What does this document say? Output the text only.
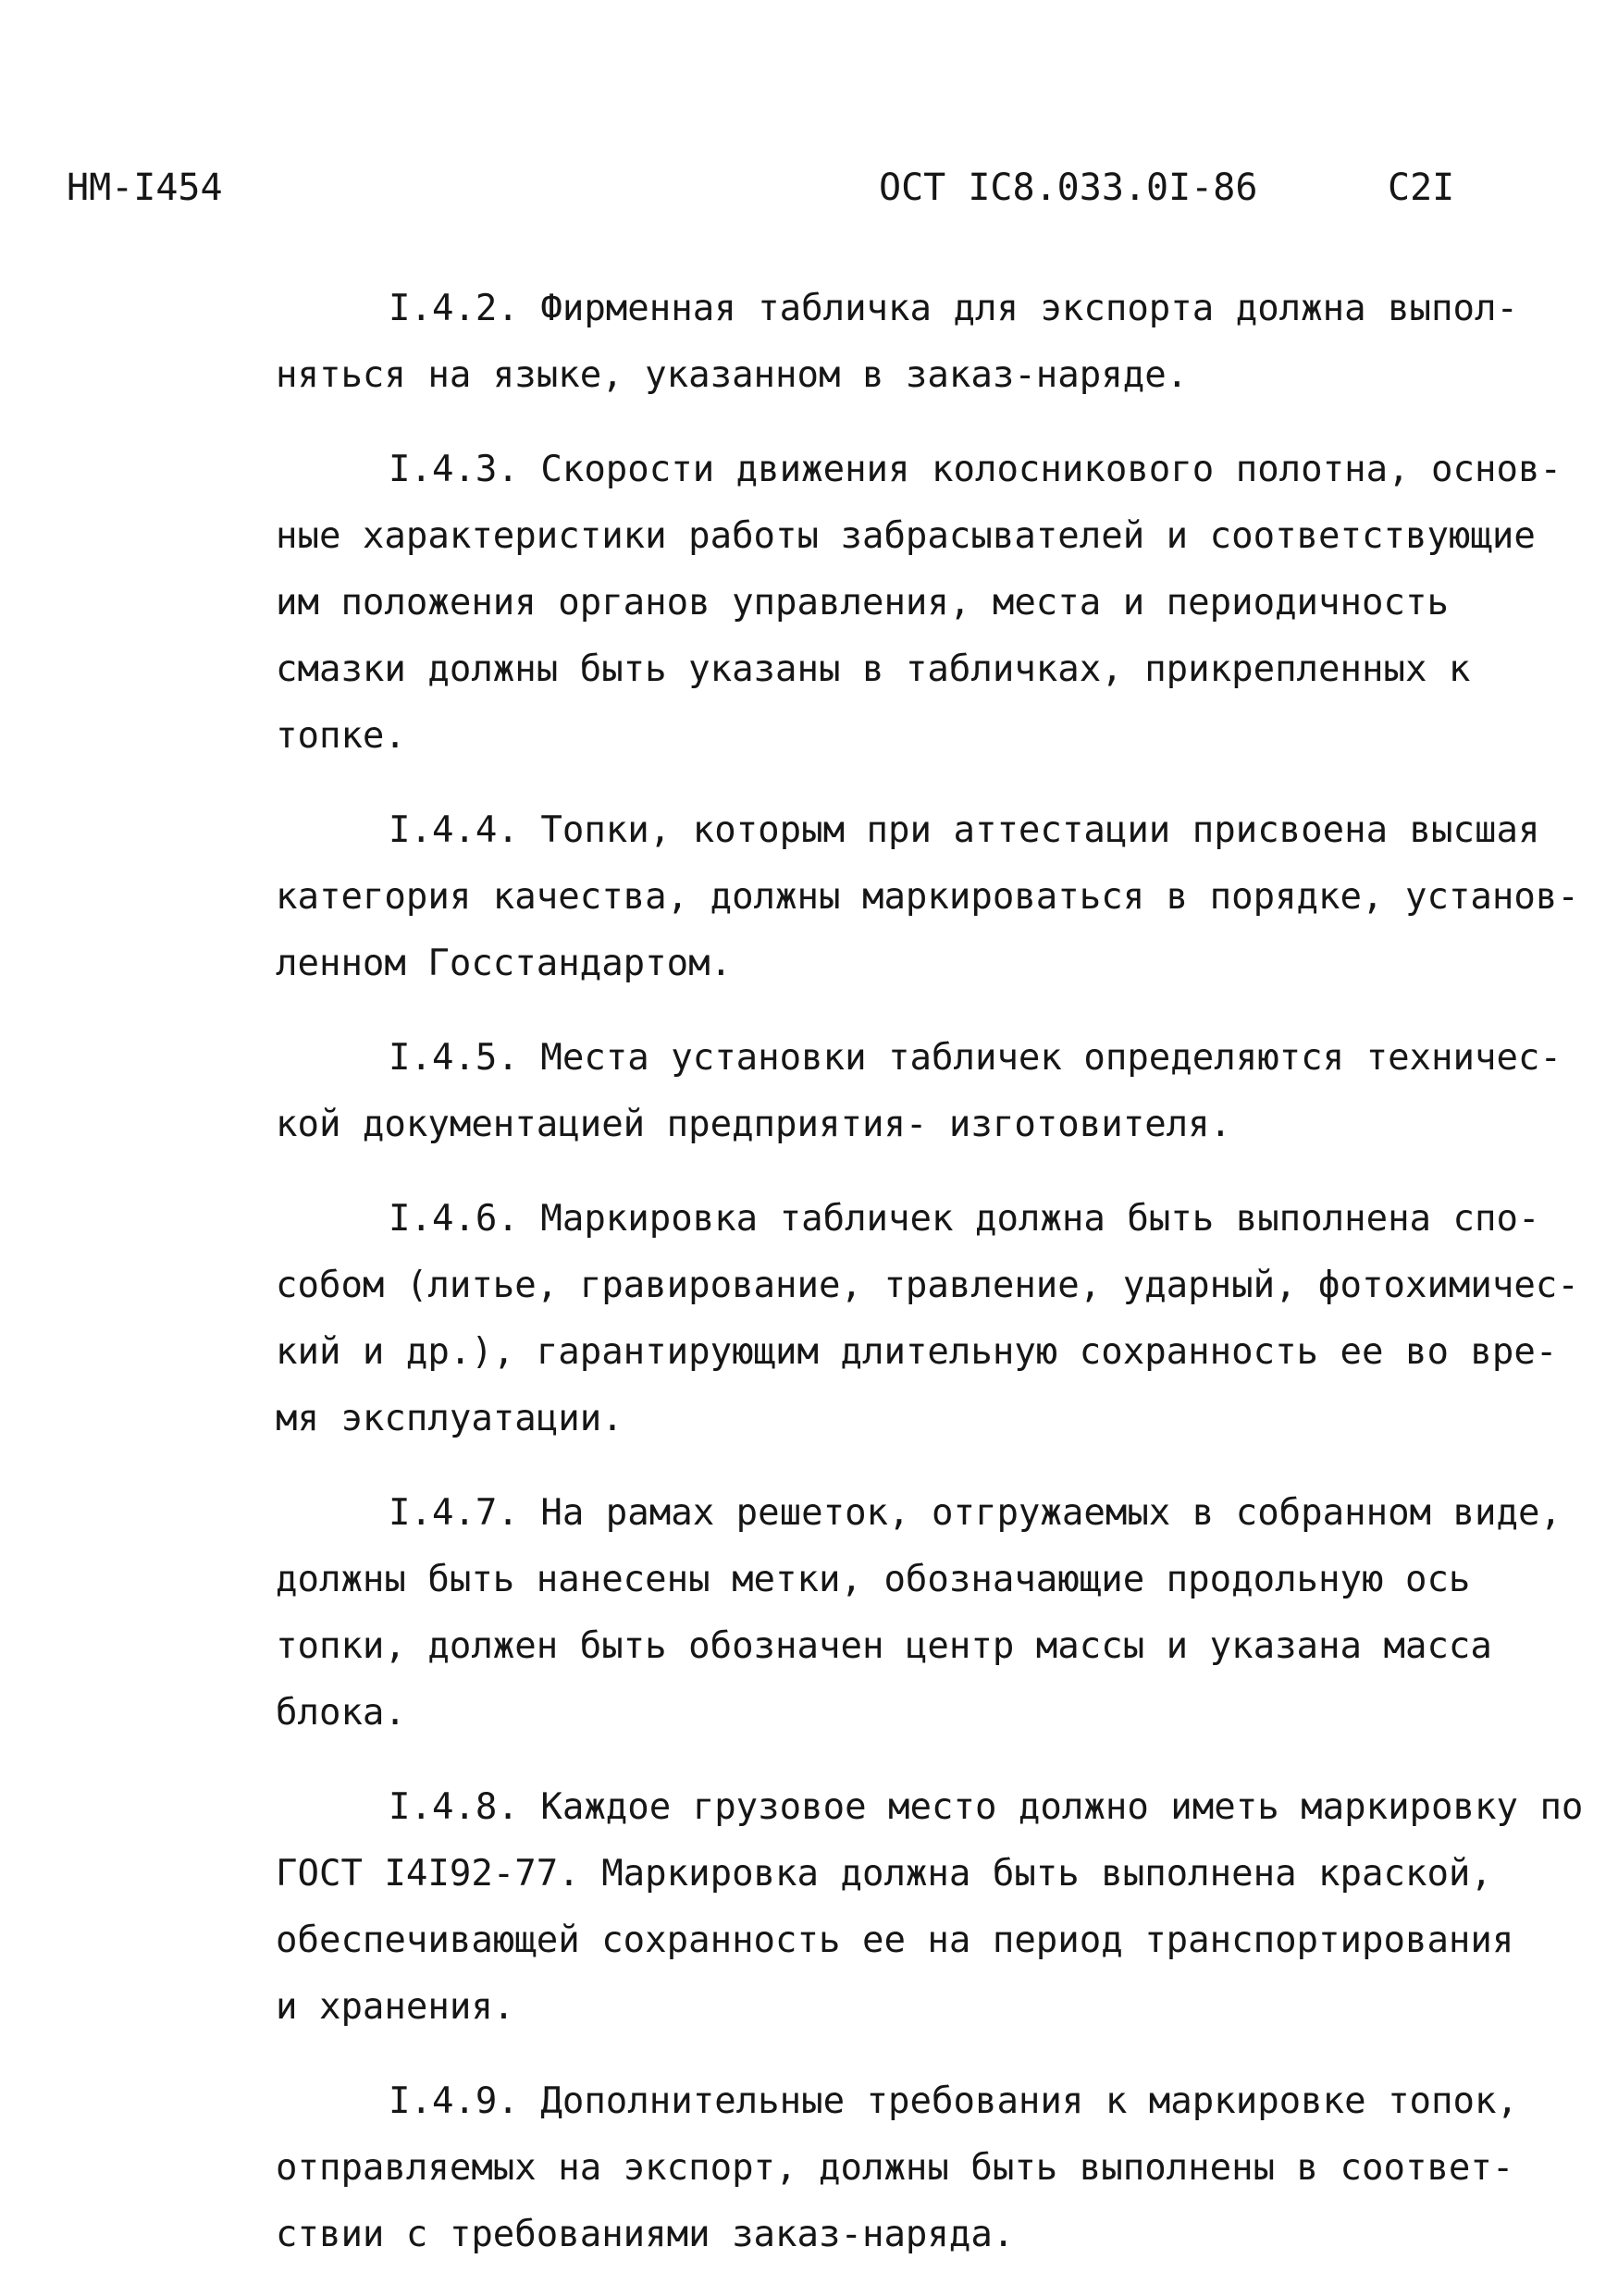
НМ-I454	ОСТ IС8.033.0I-86	С2I

I.4.2. Фирменная табличка для экспорта должна выпол-
няться на языке, указанном в заказ-наряде.

I.4.3. Скорости движения колосникового полотна, основ-
ные характеристики работы забрасывателей и соответствующие
им положения органов управления, места и периодичность
смазки должны быть указаны в табличках, прикрепленных к
топке.

I.4.4. Топки, которым при аттестации присвоена высшая
категория качества, должны маркироваться в порядке, установ-
ленном Госстандартом.

I.4.5. Места установки табличек определяются техничес-
кой документацией предприятия- изготовителя.

I.4.6. Маркировка табличек должна быть выполнена спо-
собом (литье, гравирование, травление, ударный, фотохимичес-
кий и др.), гарантирующим длительную сохранность ее во вре-
мя эксплуатации.

I.4.7. На рамах решеток, отгружаемых в собранном виде,
должны быть нанесены метки, обозначающие продольную ось
топки, должен быть обозначен центр массы и указана масса
блока.

I.4.8. Каждое грузовое место должно иметь маркировку по
ГОСТ I4I92-77. Маркировка должна быть выполнена краской,
обеспечивающей сохранность ее на период транспортирования
и хранения.

I.4.9. Дополнительные требования к маркировке топок,
отправляемых на экспорт, должны быть выполнены в соответ-
ствии с требованиями заказ-наряда.
